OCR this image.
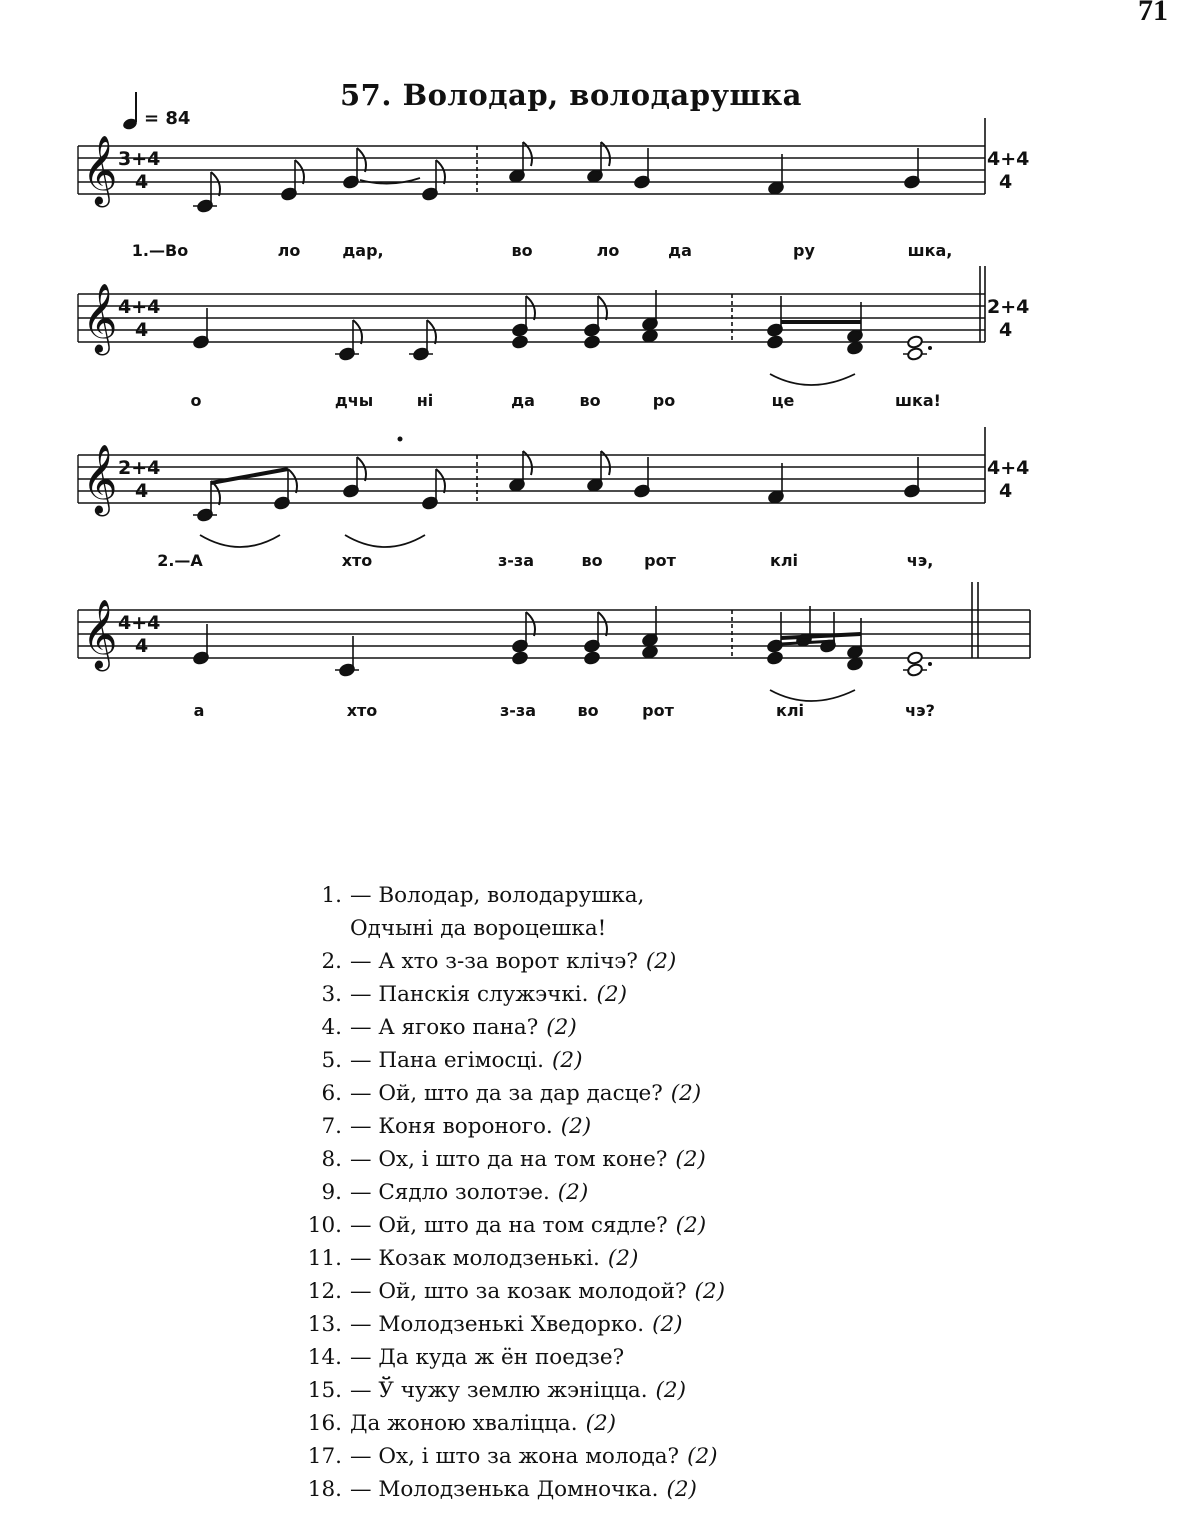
71
57. Володар, володарушка
= 84
𝄞 3+4
4
4+4
4
𝄞 4+4
4
2+4
4
𝄞 2+4
4
4+4
4
𝄞 4+4
4
1.—Во	ло	дар,	во	ло	да	ру	шка,
о	дчы	ні	да	во	ро	це	шка!
2.—А	хто	з-за	во	рот	клі	чэ,
а	хто	з-за	во	рот	клі	чэ?
1. — Володар, володарушка,
Одчыні да вороцешка!
2. — А хто з-за ворот клічэ? (2)
3. — Панскія служэчкі. (2)
4. — А ягоко пана? (2)
5. — Пана егімосці. (2)
6. — Ой, што да за дар дасце? (2)
7. — Коня вороного. (2)
8. — Ох, і што да на том коне? (2)
9. — Сядло золотэе. (2)
10. — Ой, што да на том сядле? (2)
11. — Козак молодзенькі. (2)
12. — Ой, што за козак молодой? (2)
13. — Молодзенькі Хведорко. (2)
14. — Да куда ж ён поедзе?
15. — Ў чужу землю жэніцца. (2)
16. Да жоною хваліцца. (2)
17. — Ох, і што за жона молода? (2)
18. — Молодзенька Домночка. (2)
